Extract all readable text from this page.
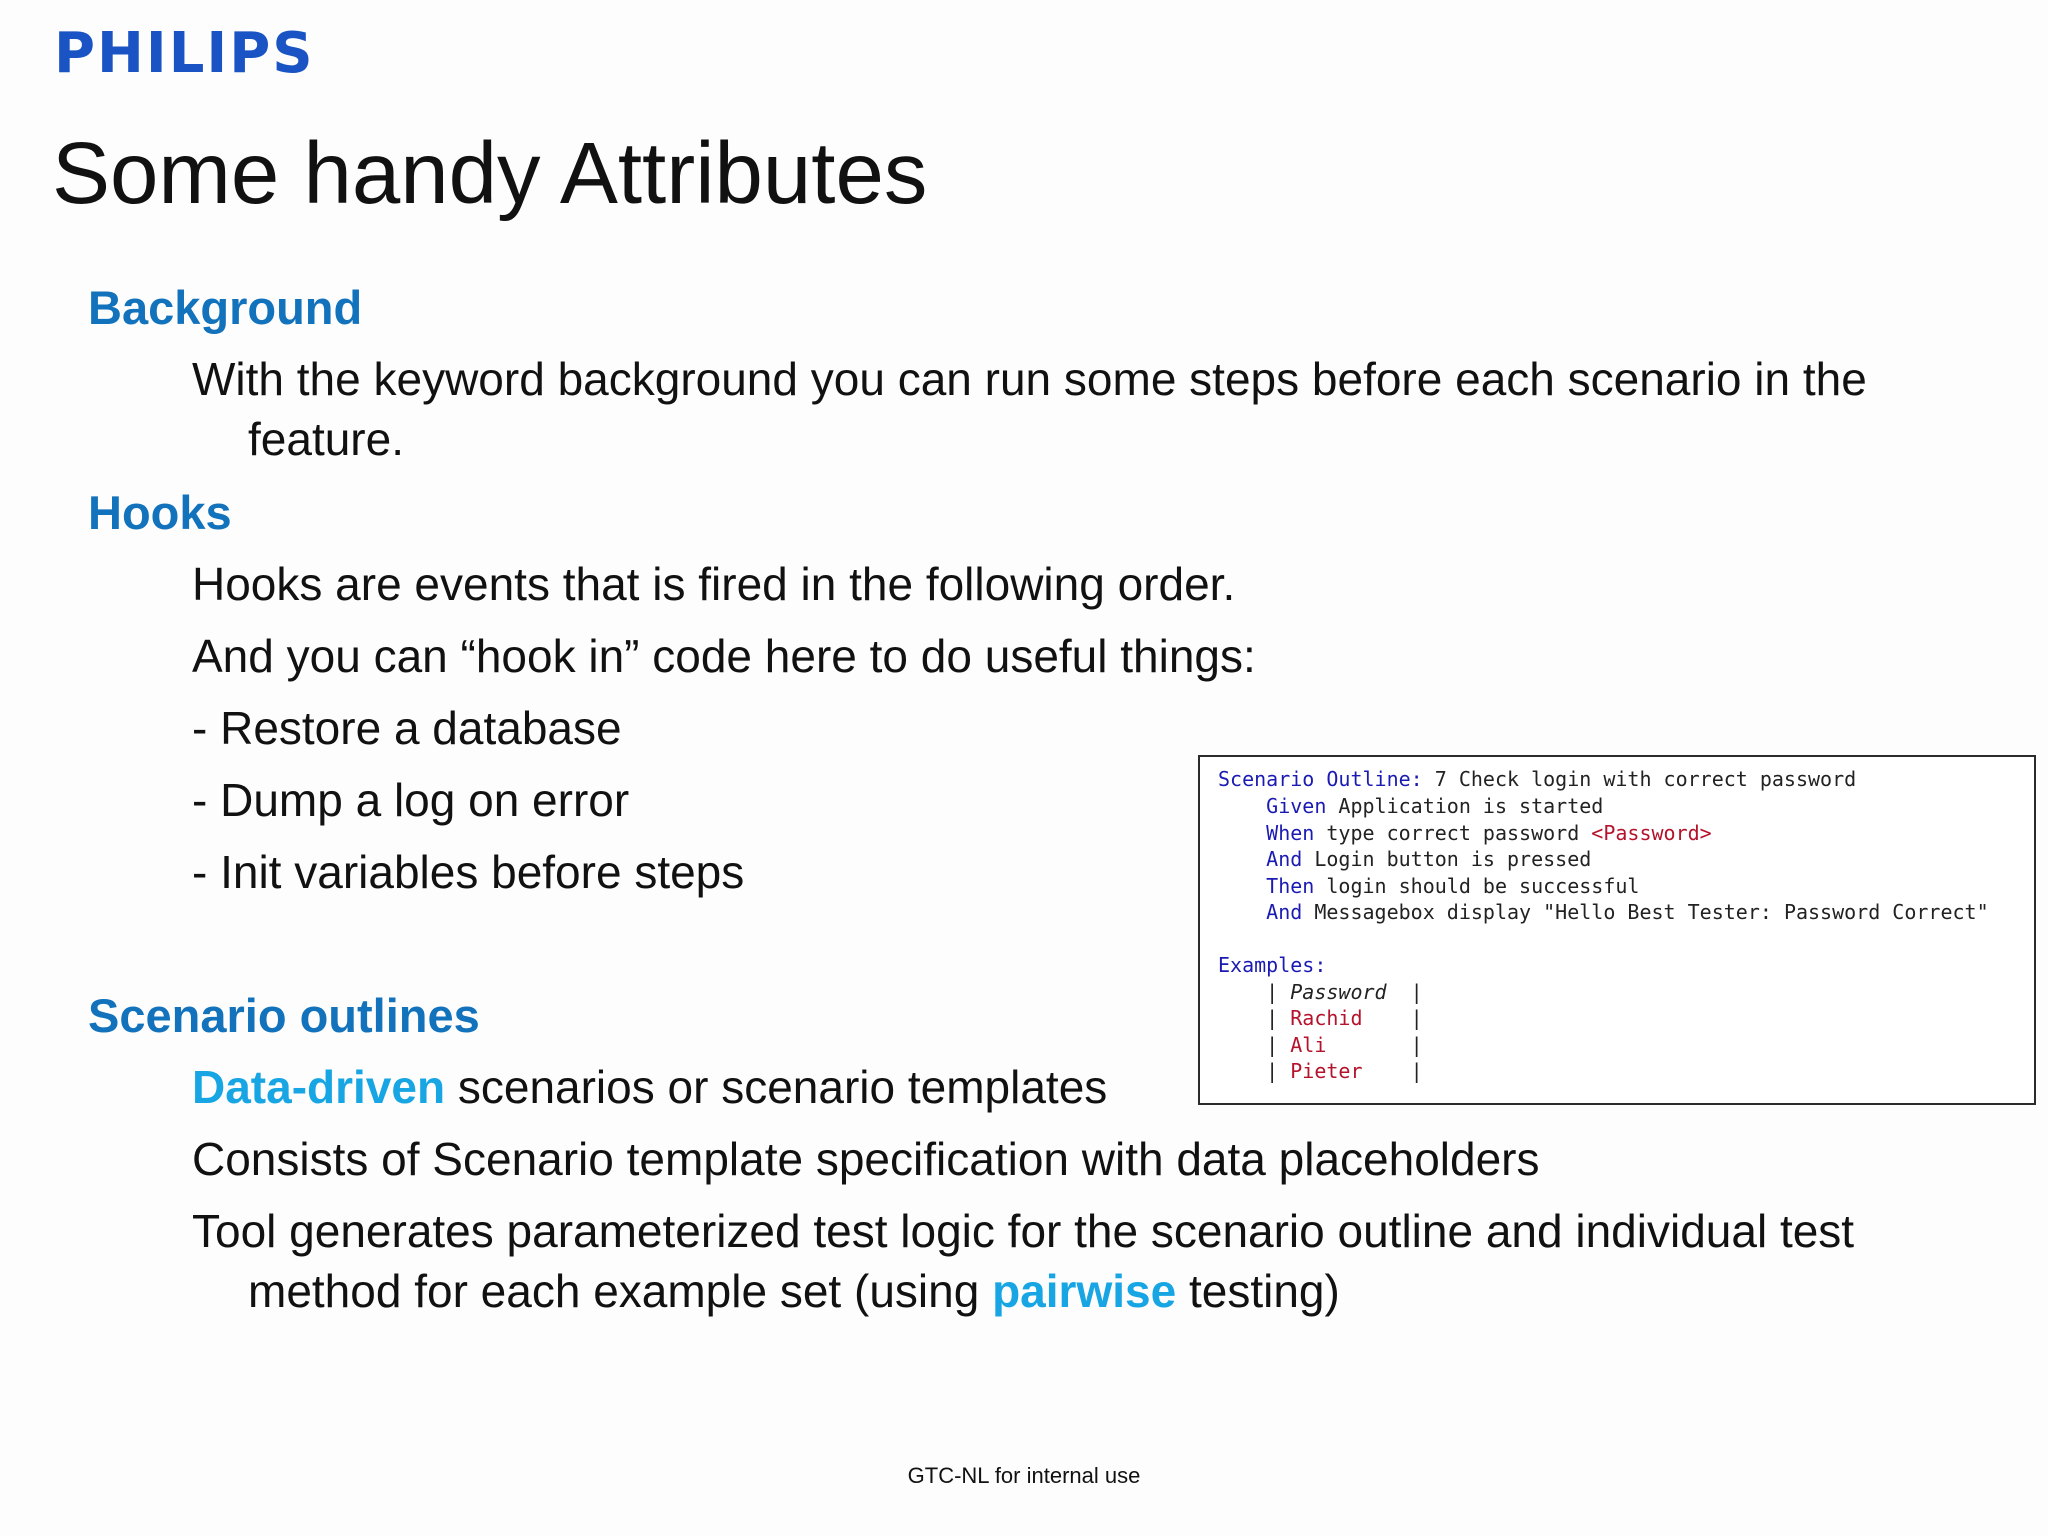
PHILIPS
Some handy Attributes
Background

With the keyword background you can run some steps before each scenario in the

feature.

Hooks

Hooks are events that is fired in the following order.

And you can “hook in” code here to do useful things:

- Restore a database

- Dump a log on error

- Init variables before steps

Scenario outlines

Data-driven scenarios or scenario templates

Consists of Scenario template specification with data placeholders

Tool generates parameterized test logic for the scenario outline and individual test

method for each example set (using pairwise testing)

Scenario Outline: 7 Check login with correct password
Given Application is started
When type correct password <Password>
And Login button is pressed
Then login should be successful
And Messagebox display "Hello Best Tester: Password Correct"
Examples:
| Password  |
| Rachid    |
| Ali       |
| Pieter    |
GTC-NL for internal use
